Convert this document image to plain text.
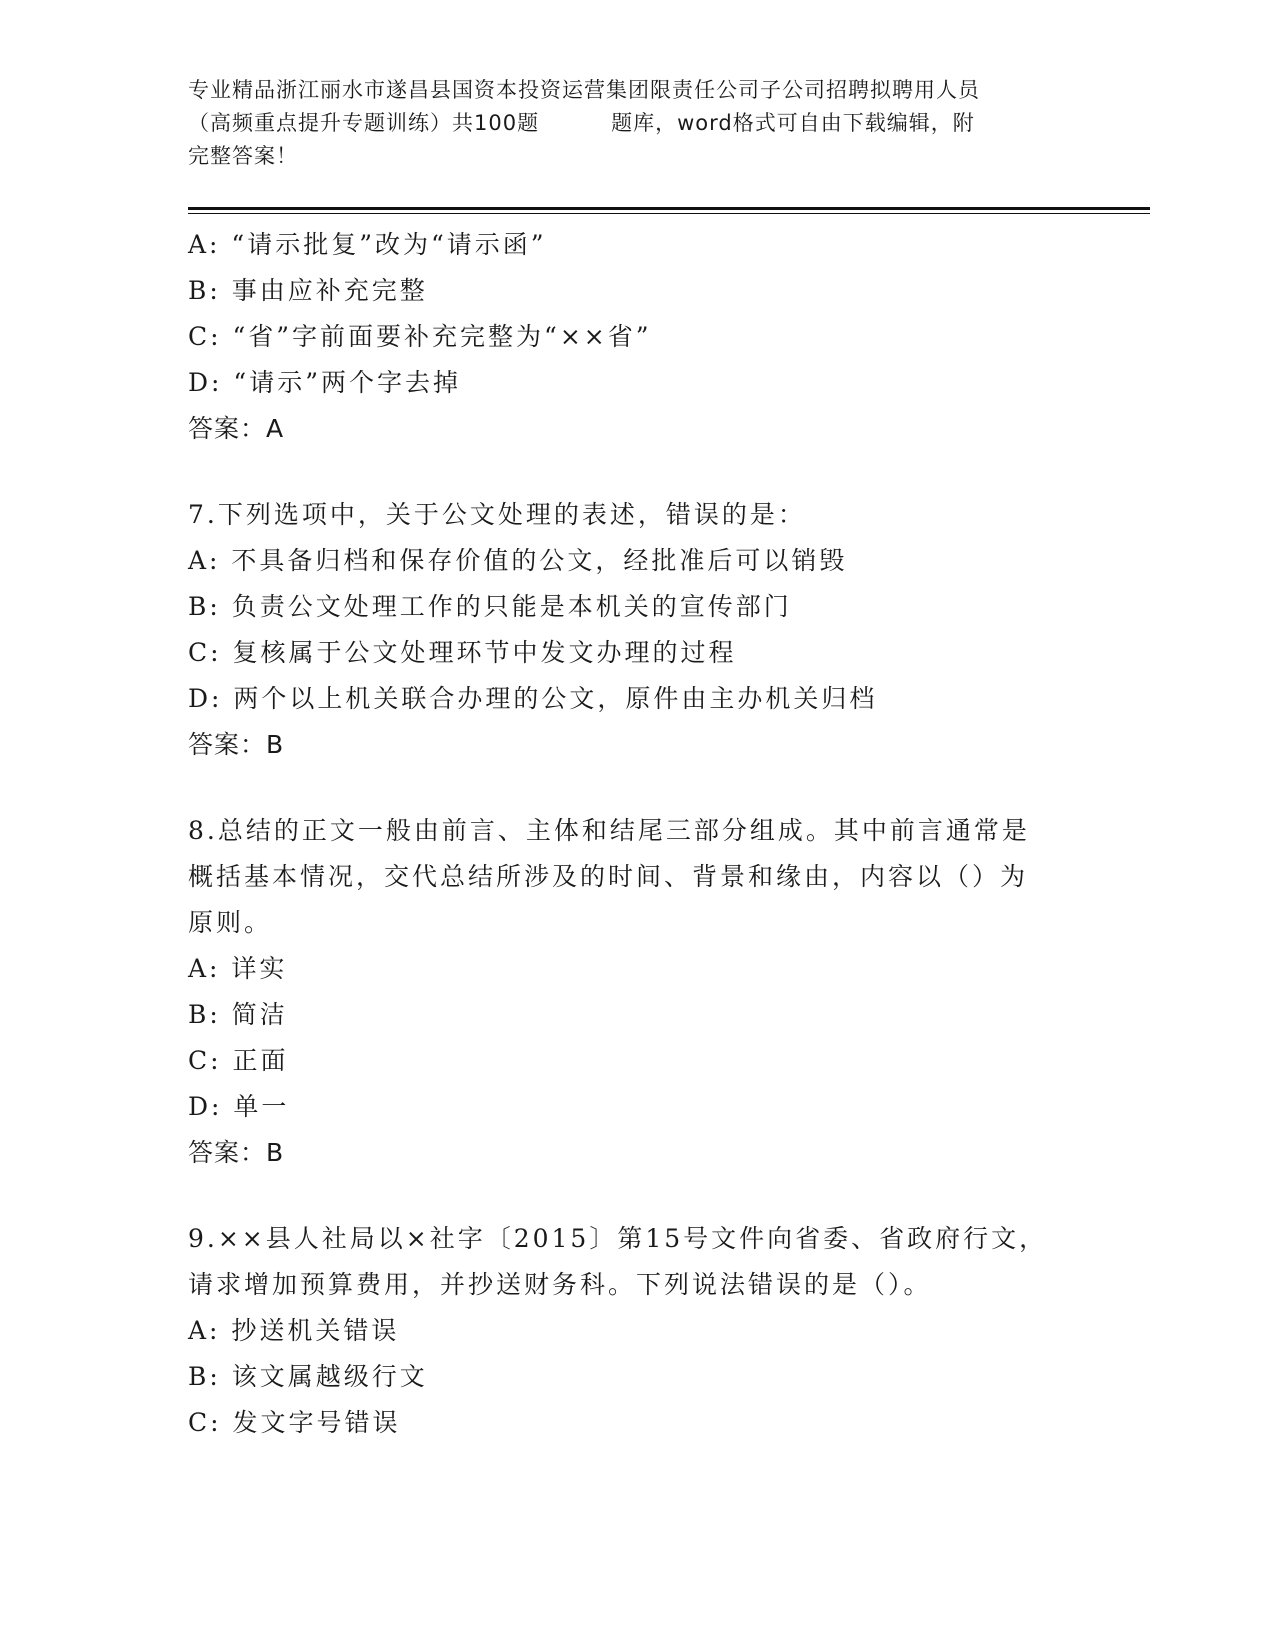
专业精品浙江丽水市遂昌县国资本投资运营集团限责任公司子公司招聘拟聘用人员
（高频重点提升专题训练）共100题	题库，word格式可自由下载编辑，附
完整答案！
A: “请示批复”改为“请示函”
B: 事由应补充完整
C: “省”字前面要补充完整为“××省”
D: “请示”两个字去掉
答案：A
7.下列选项中，关于公文处理的表述，错误的是：
A: 不具备归档和保存价值的公文，经批准后可以销毁
B: 负责公文处理工作的只能是本机关的宣传部门
C: 复核属于公文处理环节中发文办理的过程
D: 两个以上机关联合办理的公文，原件由主办机关归档
答案：B
8.总结的正文一般由前言、主体和结尾三部分组成。其中前言通常是
概括基本情况，交代总结所涉及的时间、背景和缘由，内容以（）为
原则。
A: 详实
B: 简洁
C: 正面
D: 单一
答案：B
9.××县人社局以×社字〔2015〕第15号文件向省委、省政府行文，
请求增加预算费用，并抄送财务科。下列说法错误的是（）。
A: 抄送机关错误
B: 该文属越级行文
C: 发文字号错误
